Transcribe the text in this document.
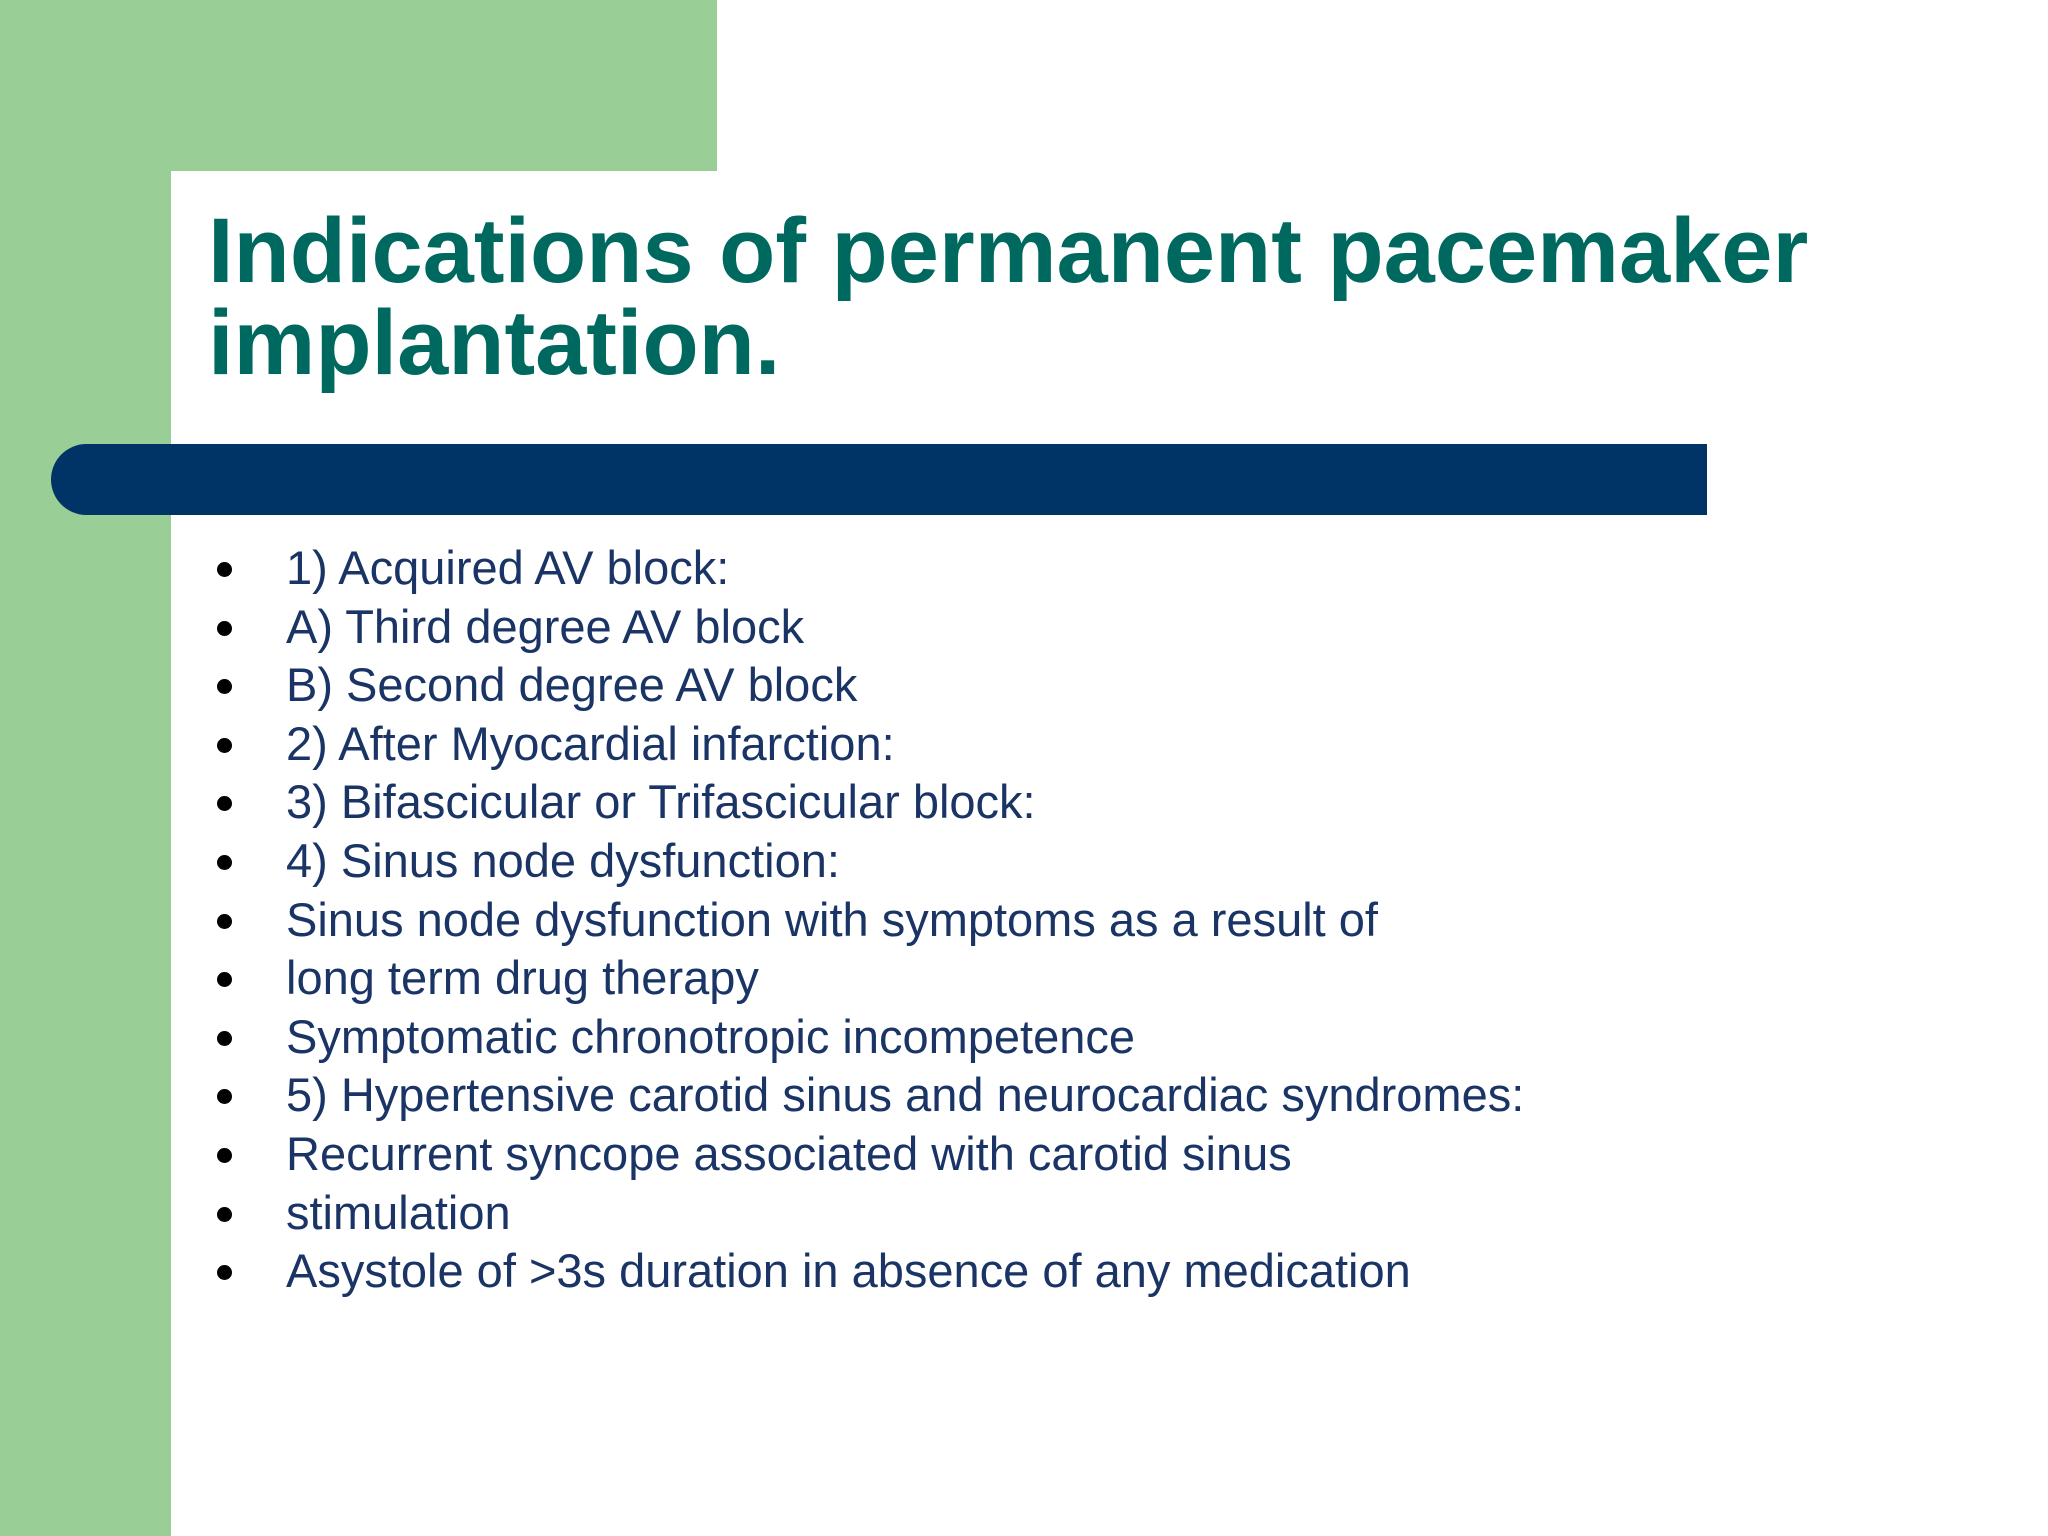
Indications of permanent pacemaker
implantation.
1) Acquired AV block:
A) Third degree AV block
B) Second degree AV block
2) After Myocardial infarction:
3) Bifascicular or Trifascicular block:
4) Sinus node dysfunction:
Sinus node dysfunction with symptoms as a result of
long term drug therapy
Symptomatic chronotropic incompetence
5) Hypertensive carotid sinus and neurocardiac syndromes:
Recurrent syncope associated with carotid sinus
stimulation
Asystole of >3s duration in absence of any medication
